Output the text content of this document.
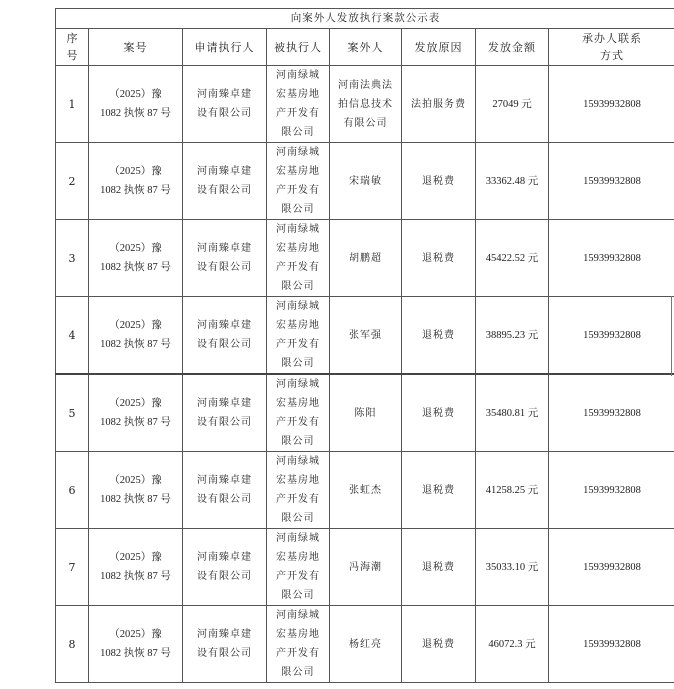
向案外人发放执行案款公示表							
序号	案号	申请执行人	被执行人	案外人	发放原因	发放金额	承办人联系方式
1	（2025）豫 1082 执恢 87 号	河南臻卓建设有限公司	河南绿城宏基房地产开发有限公司	河南法典法拍信息技术有限公司	法拍服务费	27049 元	15939932808
2	（2025）豫 1082 执恢 87 号	河南臻卓建设有限公司	河南绿城宏基房地产开发有限公司	宋瑞敏	退税费	33362.48 元	15939932808
3	（2025）豫 1082 执恢 87 号	河南臻卓建设有限公司	河南绿城宏基房地产开发有限公司	胡鹏超	退税费	45422.52 元	15939932808
4	（2025）豫 1082 执恢 87 号	河南臻卓建设有限公司	河南绿城宏基房地产开发有限公司	张军强	退税费	38895.23 元	15939932808
5	（2025）豫 1082 执恢 87 号	河南臻卓建设有限公司	河南绿城宏基房地产开发有限公司	陈阳	退税费	35480.81 元	15939932808
6	（2025）豫 1082 执恢 87 号	河南臻卓建设有限公司	河南绿城宏基房地产开发有限公司	张虹杰	退税费	41258.25 元	15939932808
7	（2025）豫 1082 执恢 87 号	河南臻卓建设有限公司	河南绿城宏基房地产开发有限公司	冯海潮	退税费	35033.10 元	15939932808
8	（2025）豫 1082 执恢 87 号	河南臻卓建设有限公司	河南绿城宏基房地产开发有限公司	杨红亮	退税费	46072.3 元	15939932808
